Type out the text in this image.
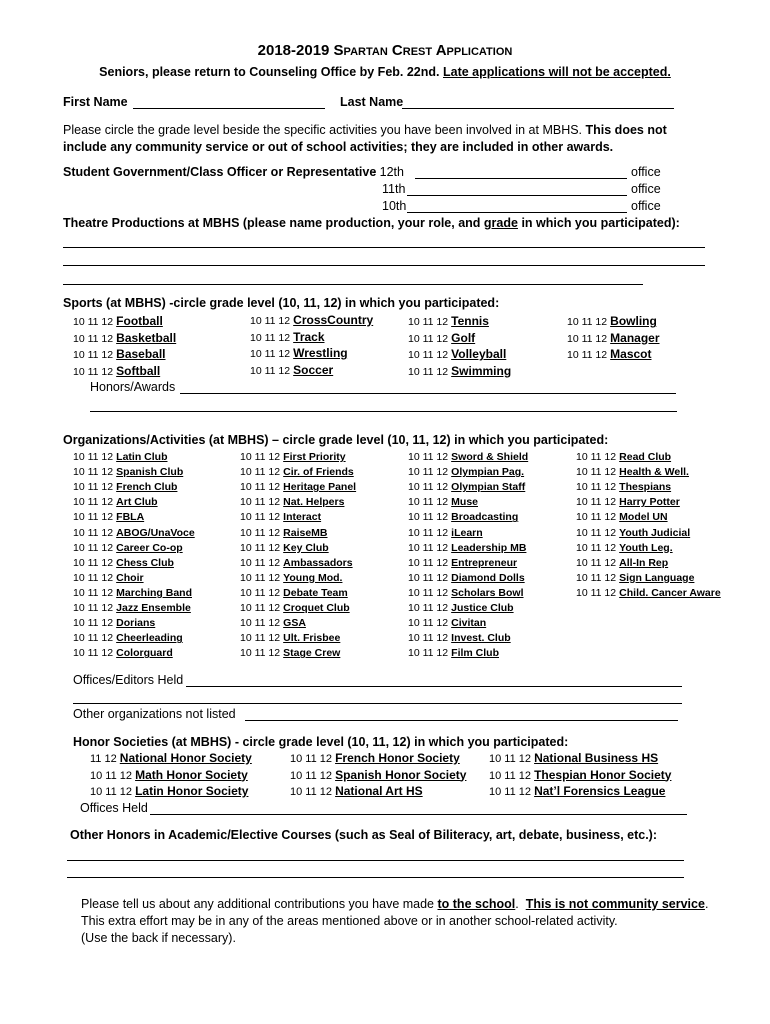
2018-2019 Spartan Crest Application
Seniors, please return to Counseling Office by Feb. 22nd. Late applications will not be accepted.
First Name	Last Name
Please circle the grade level beside the specific activities you have been involved in at MBHS. This does not include any community service or out of school activities; they are included in other awards.
Student Government/Class Officer or Representative
- 12th	office
11th	office
10th	office
Theatre Productions at MBHS (please name production, your role, and grade in which you participated):
Sports (at MBHS) -circle grade level (10, 11, 12) in which you participated:
10 11 12 Football
10 11 12 Basketball
10 11 12 Baseball
10 11 12 Softball
10 11 12 CrossCountry
10 11 12 Track
10 11 12 Wrestling
10 11 12 Soccer
10 11 12 Tennis
10 11 12 Golf
10 11 12 Volleyball
10 11 12 Swimming
10 11 12 Bowling
10 11 12 Manager
10 11 12 Mascot
Honors/Awards
Organizations/Activities (at MBHS) – circle grade level (10, 11, 12) in which you participated:
10 11 12 Latin Club
10 11 12 Spanish Club
10 11 12 French Club
10 11 12 Art Club
10 11 12 FBLA
10 11 12 ABOG/UnaVoce
10 11 12 Career Co-op
10 11 12 Chess Club
10 11 12 Choir
10 11 12 Marching Band
10 11 12 Jazz Ensemble
10 11 12 Dorians
10 11 12 Cheerleading
10 11 12 Colorguard
10 11 12 First Priority
10 11 12 Cir. of Friends
10 11 12 Heritage Panel
10 11 12 Nat. Helpers
10 11 12 Interact
10 11 12 RaiseMB
10 11 12 Key Club
10 11 12 Ambassadors
10 11 12 Young Mod.
10 11 12 Debate Team
10 11 12 Croquet Club
10 11 12 GSA
10 11 12 Ult. Frisbee
10 11 12 Stage Crew
10 11 12 Sword & Shield
10 11 12 Olympian Pag.
10 11 12 Olympian Staff
10 11 12 Muse
10 11 12 Broadcasting
10 11 12 iLearn
10 11 12 Leadership MB
10 11 12 Entrepreneur
10 11 12 Diamond Dolls
10 11 12 Scholars Bowl
10 11 12 Justice Club
10 11 12 Civitan
10 11 12 Invest. Club
10 11 12 Film Club
10 11 12 Read Club
10 11 12 Health & Well.
10 11 12 Thespians
10 11 12 Harry Potter
10 11 12 Model UN
10 11 12 Youth Judicial
10 11 12 Youth Leg.
10 11 12 All-In Rep
10 11 12 Sign Language
10 11 12 Child. Cancer Aware
Offices/Editors Held
Other organizations not listed
Honor Societies (at MBHS) - circle grade level (10, 11, 12) in which you participated:
11 12 National Honor Society
10 11 12 Math Honor Society
10 11 12 Latin Honor Society
10 11 12 French Honor Society
10 11 12 Spanish Honor Society
10 11 12 National Art HS
10 11 12 National Business HS
10 11 12 Thespian Honor Society
10 11 12 Nat’l Forensics League
Offices Held
Other Honors in Academic/Elective Courses (such as Seal of Biliteracy, art, debate, business, etc.):
Please tell us about any additional contributions you have made to the school.  This is not community service.
This extra effort may be in any of the areas mentioned above or in another school-related activity.
(Use the back if necessary).
